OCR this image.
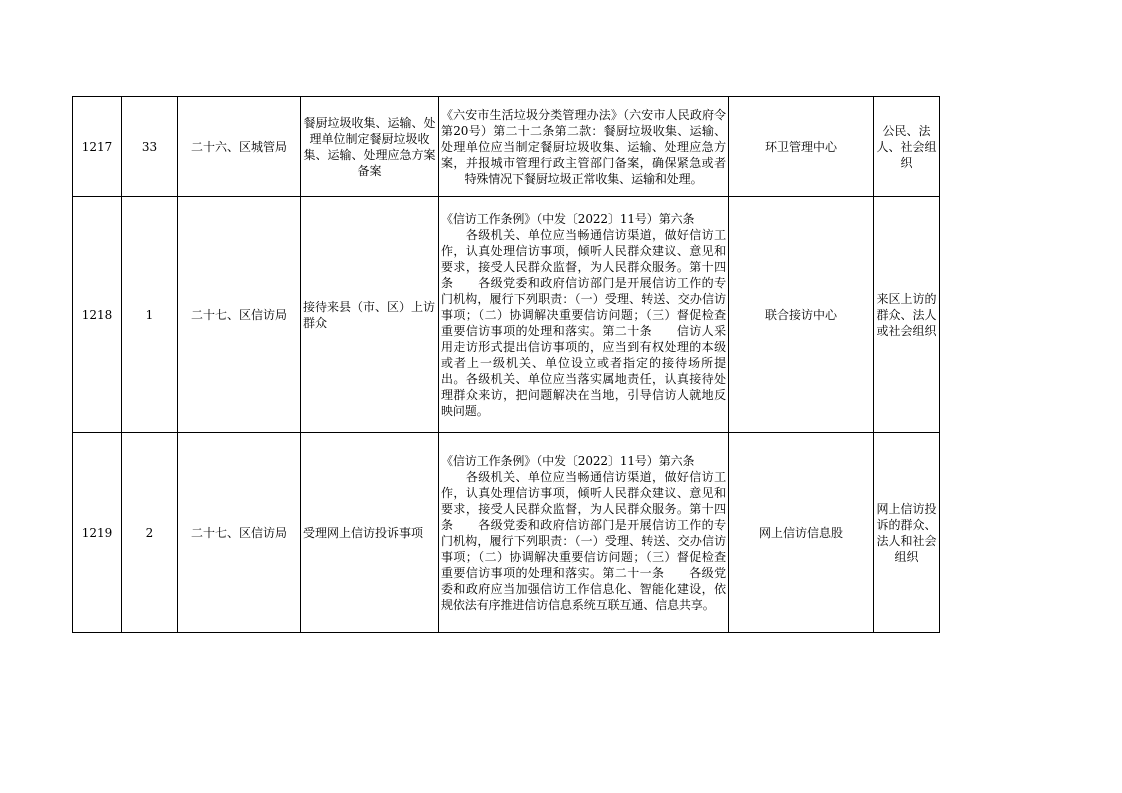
1217	33	二十六、区城管局	餐厨垃圾收集、运输、处理单位制定餐厨垃圾收集、运输、处理应急方案备案	《六安市生活垃圾分类管理办法》（六安市人民政府令第20号）第二十二条第二款：餐厨垃圾收集、运输、处理单位应当制定餐厨垃圾收集、运输、处理应急方案，并报城市管理行政主管部门备案，确保紧急或者特殊情况下餐厨垃圾正常收集、运输和处理。	环卫管理中心	公民、法人、社会组织
1218	1	二十七、区信访局	接待来县（市、区）上访群众	《信访工作条例》（中发〔2022〕11号）第六条
　　各级机关、单位应当畅通信访渠道，做好信访工作，认真处理信访事项，倾听人民群众建议、意见和要求，接受人民群众监督，为人民群众服务。第十四条　　各级党委和政府信访部门是开展信访工作的专门机构，履行下列职责：（一）受理、转送、交办信访事项；（二）协调解决重要信访问题；（三）督促检查重要信访事项的处理和落实。第二十条　　信访人采用走访形式提出信访事项的，应当到有权处理的本级或者上一级机关、单位设立或者指定的接待场所提出。各级机关、单位应当落实属地责任，认真接待处理群众来访，把问题解决在当地，引导信访人就地反映问题。	联合接访中心	来区上访的群众、法人或社会组织
1219	2	二十七、区信访局	受理网上信访投诉事项	《信访工作条例》（中发〔2022〕11号）第六条
　　各级机关、单位应当畅通信访渠道，做好信访工作，认真处理信访事项，倾听人民群众建议、意见和要求，接受人民群众监督，为人民群众服务。第十四条　　各级党委和政府信访部门是开展信访工作的专门机构，履行下列职责：（一）受理、转送、交办信访事项；（二）协调解决重要信访问题；（三）督促检查重要信访事项的处理和落实。第二十一条　　各级党委和政府应当加强信访工作信息化、智能化建设，依规依法有序推进信访信息系统互联互通、信息共享。	网上信访信息股	网上信访投诉的群众、法人和社会组织
